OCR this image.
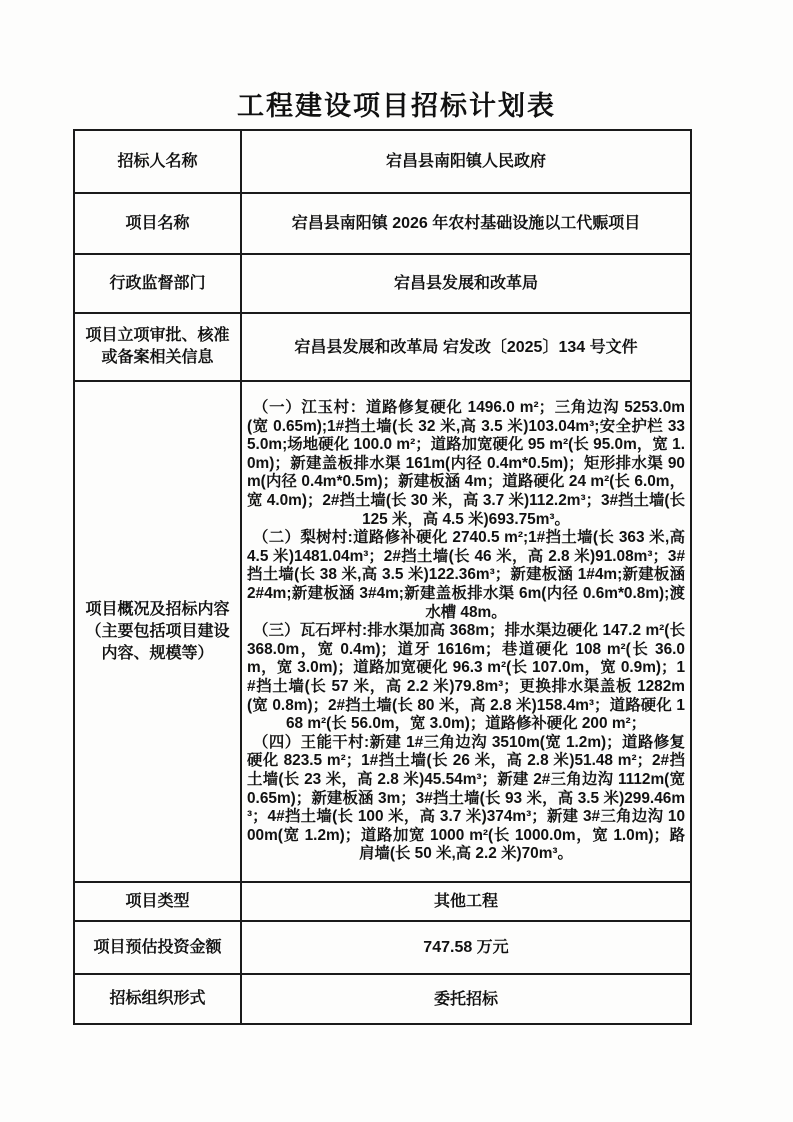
工程建设项目招标计划表
招标人名称	宕昌县南阳镇人民政府
项目名称	宕昌县南阳镇 2026 年农村基础设施以工代赈项目
行政监督部门	宕昌县发展和改革局
项目立项审批、核准或备案相关信息	宕昌县发展和改革局 宕发改〔2025〕134 号文件
项目概况及招标内容（主要包括项目建设内容、规模等）	（一）江玉村：道路修复硬化 1496.0 m²；三角边沟 5253.0m(宽 0.65m);1#挡土墙(长 32 米,高 3.5 米)103.04m³;安全护栏 335.0m;场地硬化 100.0 m²；道路加宽硬化 95 m²(长 95.0m，宽 1.0m)；新建盖板排水渠 161m(内径 0.4m*0.5m)；矩形排水渠 90m(内径 0.4m*0.5m)；新建板涵 4m；道路硬化 24 m²(长 6.0m，宽 4.0m)；2#挡土墙(长 30 米，高 3.7 米)112.2m³；3#挡土墙(长 125 米，高 4.5 米)693.75m³。

（二）梨树村:道路修补硬化 2740.5 m²;1#挡土墙(长 363 米,高 4.5 米)1481.04m³；2#挡土墙(长 46 米，高 2.8 米)91.08m³；3#挡土墙(长 38 米,高 3.5 米)122.36m³；新建板涵 1#4m;新建板涵 2#4m;新建板涵 3#4m;新建盖板排水渠 6m(内径 0.6m*0.8m);渡水槽 48m。

（三）瓦石坪村:排水渠加高 368m；排水渠边硬化 147.2 m²(长 368.0m，宽 0.4m)；道牙 1616m；巷道硬化 108 m²(长 36.0m，宽 3.0m)；道路加宽硬化 96.3 m²(长 107.0m，宽 0.9m)；1#挡土墙(长 57 米，高 2.2 米)79.8m³；更换排水渠盖板 1282m(宽 0.8m)；2#挡土墙(长 80 米，高 2.8 米)158.4m³；道路硬化 168 m²(长 56.0m，宽 3.0m)；道路修补硬化 200 m²；

（四）王能干村:新建 1#三角边沟 3510m(宽 1.2m)；道路修复硬化 823.5 m²；1#挡土墙(长 26 米，高 2.8 米)51.48 m²；2#挡土墙(长 23 米，高 2.8 米)45.54m³；新建 2#三角边沟 1112m(宽 0.65m)；新建板涵 3m；3#挡土墙(长 93 米，高 3.5 米)299.46m³；4#挡土墙(长 100 米，高 3.7 米)374m³；新建 3#三角边沟 1000m(宽 1.2m)；道路加宽 1000 m²(长 1000.0m，宽 1.0m)；路肩墙(长 50 米,高 2.2 米)70m³。

项目类型	其他工程
项目预估投资金额	747.58 万元
招标组织形式	委托招标
